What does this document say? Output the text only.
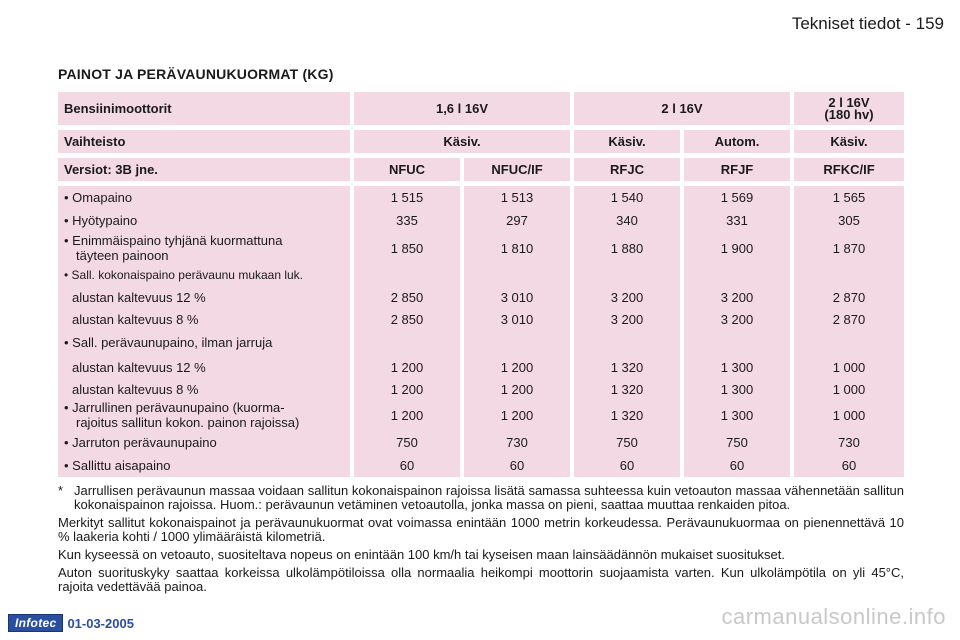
Tekniset tiedot - 159
PAINOT JA PERÄVAUNUKUORMAT (KG)
Bensiinimoottorit	1,6 l 16V		2 l 16V		2 l 16V
(180 hv)

Vaihteisto	Käsiv.		Käsiv.	Autom.	Käsiv.

Versiot: 3B jne.	NFUC	NFUC/IF	RFJC	RFJF	RFKC/IF

• Omapaino	1 515	1 513	1 540	1 569	1 565
• Hyötypaino	335	297	340	331	305

• Enimmäispaino tyhjänä kuormattuna
täyteen painoon	1 850	1 810	1 880	1 900	1 870
• Sall. kokonaispaino perävaunu mukaan luk.					
alustan kaltevuus 12 %	2 850	3 010	3 200	3 200	2 870
alustan kaltevuus 8 %	2 850	3 010	3 200	3 200	2 870
• Sall. perävaunupaino, ilman jarruja					
alustan kaltevuus 12 %	1 200	1 200	1 320	1 300	1 000
alustan kaltevuus 8 %	1 200	1 200	1 320	1 300	1 000

• Jarrullinen perävaunupaino (kuorma-
rajoitus sallitun kokon. painon rajoissa)	1 200	1 200	1 320	1 300	1 000
• Jarruton perävaunupaino	750	730	750	750	730
• Sallittu aisapaino	60	60	60	60	60

* Jarrullisen perävaunun massaa voidaan sallitun kokonaispainon rajoissa lisätä samassa suhteessa kuin vetoauton massaa vähennetään sallitun kokonaispainon rajoissa. Huom.: perävaunun vetäminen vetoautolla, jonka massa on pieni, saattaa muuttaa renkaiden pitoa.

Merkityt sallitut kokonaispainot ja perävaunukuormat ovat voimassa enintään 1000 metrin korkeudessa. Perävaunukuormaa on pienennettävä 10 % laakeria kohti / 1000 ylimääräistä kilometriä.

Kun kyseessä on vetoauto, suositeltava nopeus on enintään 100 km/h tai kyseisen maan lainsäädännön mukaiset suositukset.

Auton suorituskyky saattaa korkeissa ulkolämpötiloissa olla normaalia heikompi moottorin suojaamista varten. Kun ulkolämpötila on yli 45°C, rajoita vedettävää painoa.

Infotec 01-03-2005	carmanualsonline.info
